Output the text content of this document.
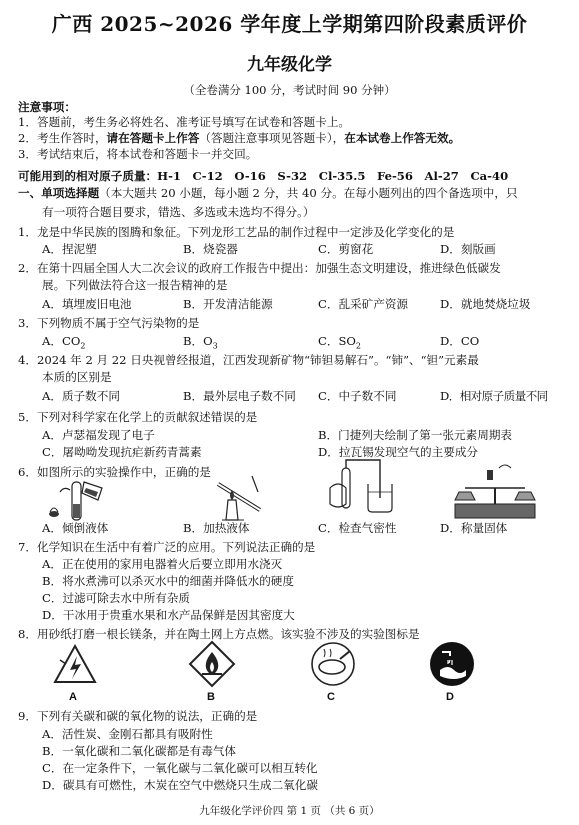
广西 2025~2026 学年度上学期第四阶段素质评价
九年级化学
（全卷满分 100 分，考试时间 90 分钟）
注意事项：
1．答题前，考生务必将姓名、准考证号填写在试卷和答题卡上。
2．考生作答时，请在答题卡上作答（答题注意事项见答题卡），在本试卷上作答无效。
3．考试结束后，将本试卷和答题卡一并交回。
可能用到的相对原子质量：H-1　C-12　O-16　S-32　Cl-35.5　Fe-56　Al-27　Ca-40
一、单项选择题（本大题共 20 小题，每小题 2 分，共 40 分。在每小题列出的四个备选项中，只
有一项符合题目要求，错选、多选或未选均不得分。）
1．龙是中华民族的图腾和象征。下列龙形工艺品的制作过程中一定涉及化学变化的是
A．捏泥塑	B．烧瓷器	C．剪窗花	D．刻版画
2．在第十四届全国人大二次会议的政府工作报告中提出：加强生态文明建设，推进绿色低碳发
展。下列做法符合这一报告精神的是
A．填埋废旧电池	B．开发清洁能源	C．乱采矿产资源	D．就地焚烧垃圾
3．下列物质不属于空气污染物的是
A．$CO_2$	B．$O_3$	C．$SO_2$	D．CO
4．2024 年 2 月 22 日央视曾经报道，江西发现新矿物“铈钽易解石”。“铈”、“钽”元素最
本质的区别是
A．质子数不同	B．最外层电子数不同 C．中子数不同	D．相对原子质量不同
5．下列对科学家在化学上的贡献叙述错误的是
A．卢瑟福发现了电子	B．门捷列夫绘制了第一张元素周期表
C．屠呦呦发现抗疟新药青蒿素	D．拉瓦锡发现空气的主要成分
6．如图所示的实验操作中，正确的是
A．倾倒液体	B．加热液体	C．检查气密性	D．称量固体
7．化学知识在生活中有着广泛的应用。下列说法正确的是
A．正在使用的家用电器着火后要立即用水浇灭
B．将水煮沸可以杀灭水中的细菌并降低水的硬度
C．过滤可除去水中所有杂质
D．干冰用于贵重水果和水产品保鲜是因其密度大
8．用砂纸打磨一根长镁条，并在陶土网上方点燃。该实验不涉及的实验图标是
A	B	C	D
9．下列有关碳和碳的氧化物的说法，正确的是
A．活性炭、金刚石都具有吸附性
B．一氧化碳和二氧化碳都是有毒气体
C．在一定条件下，一氧化碳与二氧化碳可以相互转化
D．碳具有可燃性，木炭在空气中燃烧只生成二氧化碳
九年级化学评价四 第 1 页 （共 6 页）
